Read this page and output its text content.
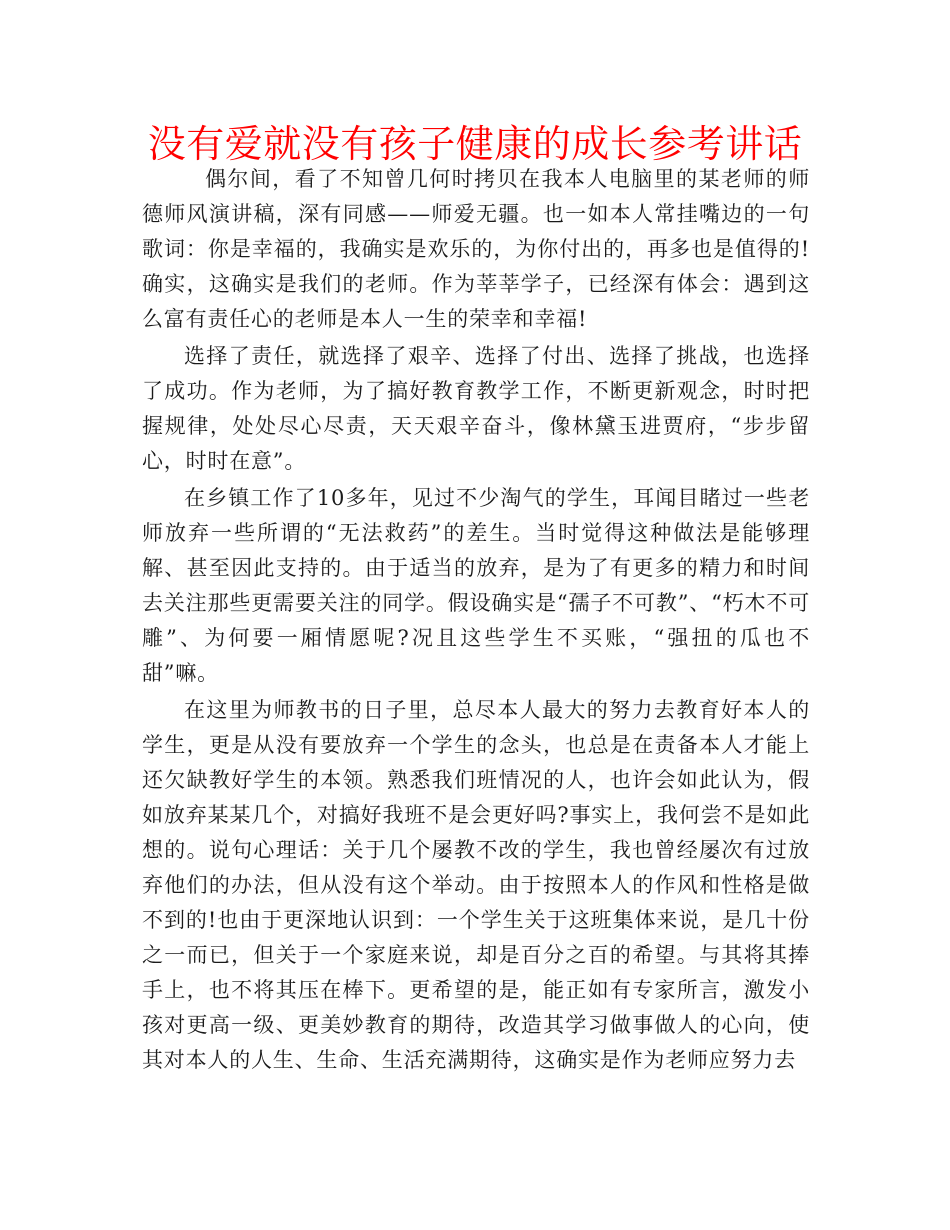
没有爱就没有孩子健康的成长参考讲话

偶尔间，看了不知曾几何时拷贝在我本人电脑里的某老师的师德师风演讲稿，深有同感——师爱无疆。也一如本人常挂嘴边的一句歌词：你是幸福的，我确实是欢乐的，为你付出的，再多也是值得的!确实，这确实是我们的老师。作为莘莘学子，已经深有体会：遇到这么富有责任心的老师是本人一生的荣幸和幸福!

选择了责任，就选择了艰辛、选择了付出、选择了挑战，也选择了成功。作为老师，为了搞好教育教学工作，不断更新观念，时时把握规律，处处尽心尽责，天天艰辛奋斗，像林黛玉进贾府，“步步留心，时时在意”。

在乡镇工作了10多年，见过不少淘气的学生，耳闻目睹过一些老师放弃一些所谓的“无法救药”的差生。当时觉得这种做法是能够理解、甚至因此支持的。由于适当的放弃，是为了有更多的精力和时间去关注那些更需要关注的同学。假设确实是“孺子不可教”、“朽木不可雕”、为何要一厢情愿呢?况且这些学生不买账，“强扭的瓜也不甜”嘛。

在这里为师教书的日子里，总尽本人最大的努力去教育好本人的学生，更是从没有要放弃一个学生的念头，也总是在责备本人才能上还欠缺教好学生的本领。熟悉我们班情况的人，也许会如此认为，假如放弃某某几个，对搞好我班不是会更好吗?事实上，我何尝不是如此想的。说句心理话：关于几个屡教不改的学生，我也曾经屡次有过放弃他们的办法，但从没有这个举动。由于按照本人的作风和性格是做不到的!也由于更深地认识到：一个学生关于这班集体来说，是几十份之一而已，但关于一个家庭来说，却是百分之百的希望。与其将其捧手上，也不将其压在棒下。更希望的是，能正如有专家所言，激发小孩对更高一级、更美妙教育的期待，改造其学习做事做人的心向，使其对本人的人生、生命、生活充满期待，这确实是作为老师应努力去
